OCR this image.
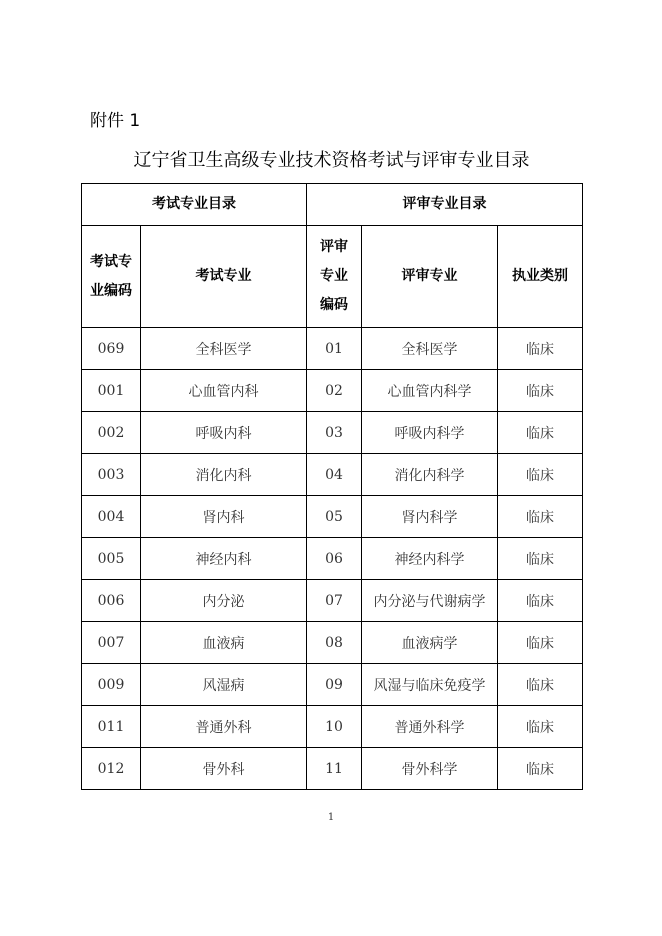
附件 1
辽宁省卫生高级专业技术资格考试与评审专业目录
考试专业目录		评审专业目录		
考试专业编码	考试专业	评审专业编码	评审专业	执业类别
069	全科医学	01	全科医学	临床
001	心血管内科	02	心血管内科学	临床
002	呼吸内科	03	呼吸内科学	临床
003	消化内科	04	消化内科学	临床
004	肾内科	05	肾内科学	临床
005	神经内科	06	神经内科学	临床
006	内分泌	07	内分泌与代谢病学	临床
007	血液病	08	血液病学	临床
009	风湿病	09	风湿与临床免疫学	临床
011	普通外科	10	普通外科学	临床
012	骨外科	11	骨外科学	临床
1
